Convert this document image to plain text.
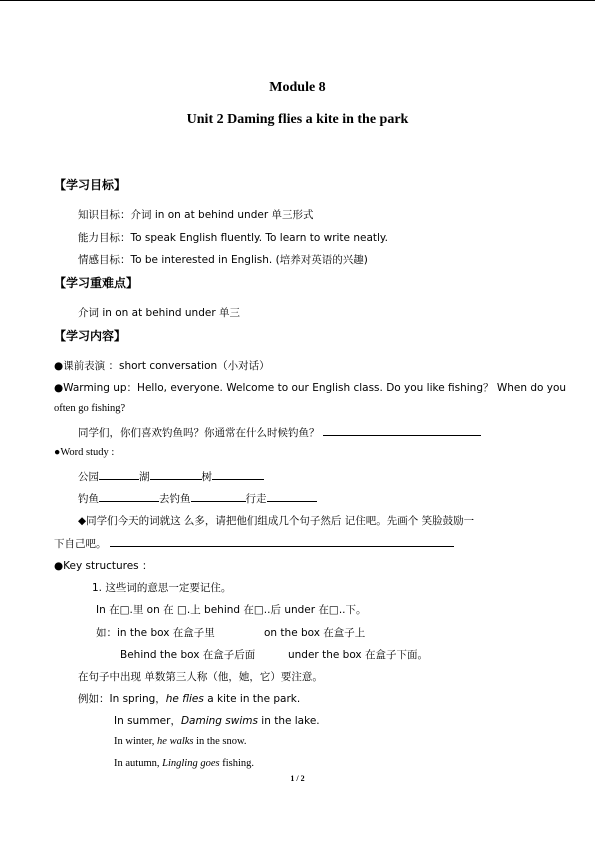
Module 8
Unit 2 Daming flies a kite in the park
【学习目标】
知识目标：介词 in on at behind under 单三形式
能力目标：To speak English fluently. To learn to write neatly.
情感目标：To be interested in English. (培养对英语的兴趣)
【学习重难点】
介词 in on at behind under 单三
【学习内容】
●课前表演 ：short conversation（小对话）
●Warming up：Hello, everyone. Welcome to our English class. Do you like fishing？ When do you
often go fishing?
同学们，你们喜欢钓鱼吗？你通常在什么时候钓鱼？
●Word study :
公园	湖	树
钓鱼	去钓鱼	行走
◆同学们今天的词就这 么多，请把他们组成几个句子然后 记住吧。先画个 笑脸鼓励一
下自己吧。
●Key structures ：
1. 这些词的意思一定要记住。
In 在□.里 on 在 □.上 behind 在□..后 under 在□..下。
如：in the box 在盒子里	on the box 在盒子上
Behind the box 在盒子后面	under the box 在盒子下面。
在句子中出现 单数第三人称（他，她，它）要注意。
例如：In spring，he flies a kite in the park.
In summer，Daming swims in the lake.
In winter, he walks in the snow.
In autumn, Lingling goes fishing.
1 / 2
